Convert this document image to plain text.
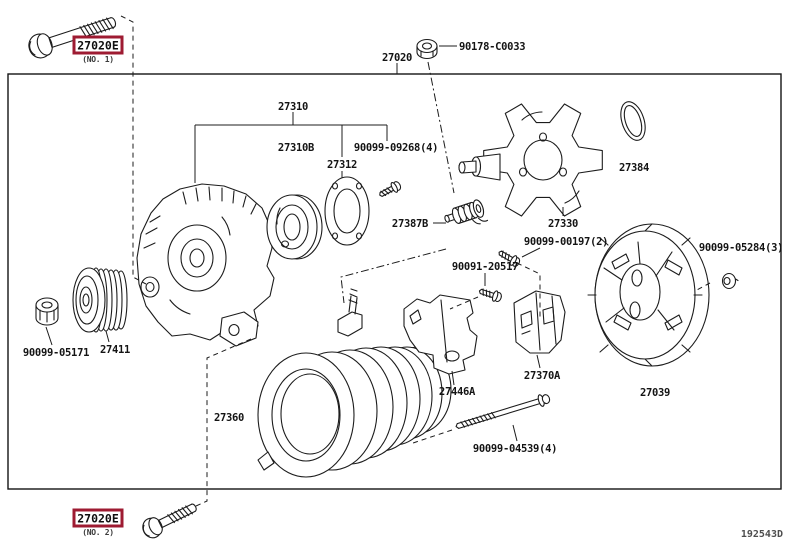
27020E
(NO. 1)
27020E
(NO. 2)
27020
90178-C0033
27310
27310B	90099-09268(4)
27312
27387B	27330
27384
90099-00197(2)	90099-05284(3)
90091-20517
27411
90099-05171
27370A
27446A	27039
27360
90099-04539(4)
192543D
